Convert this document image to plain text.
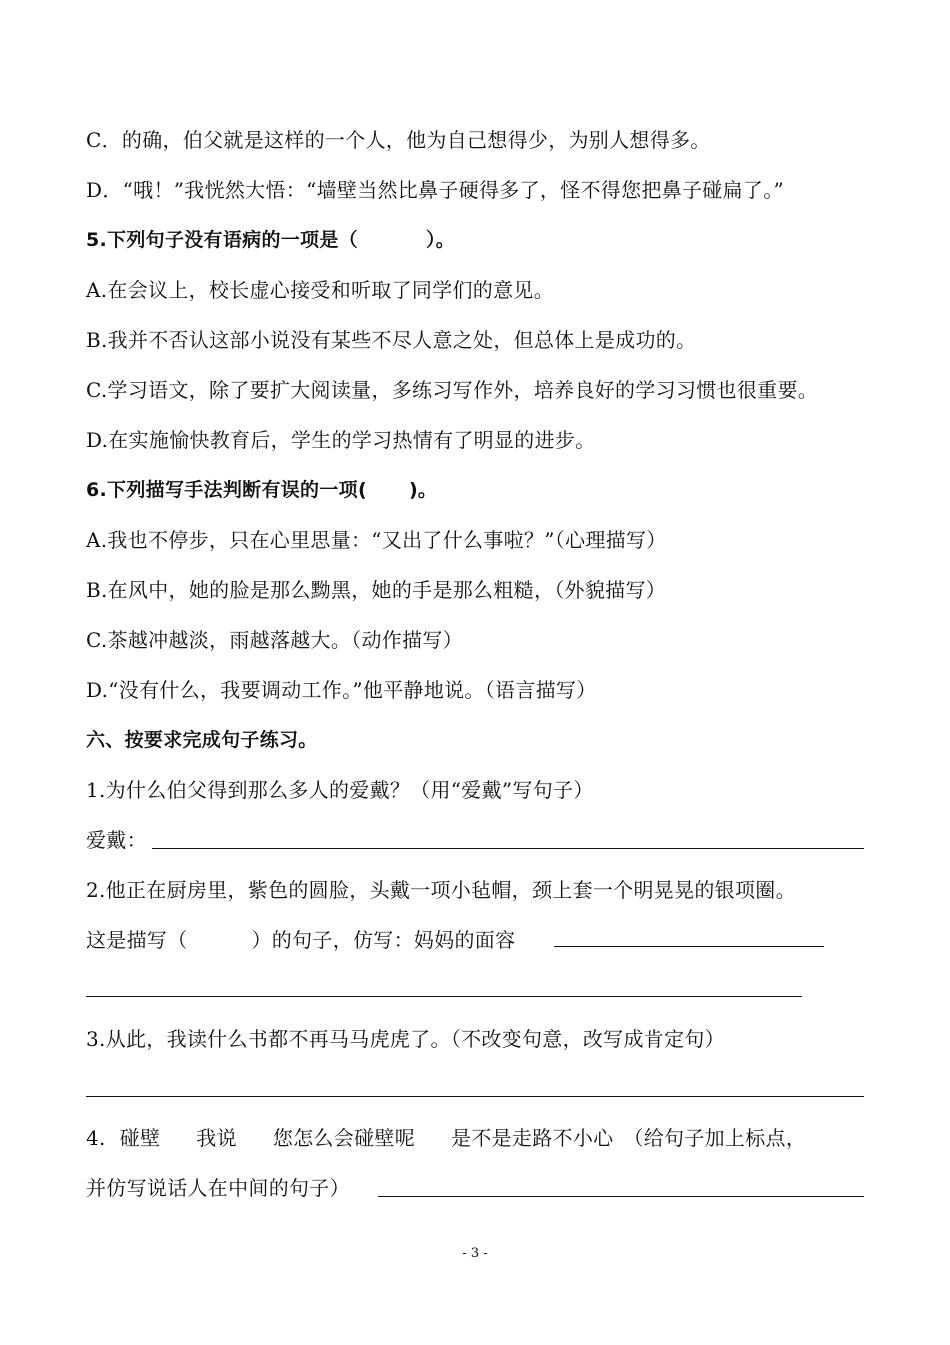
C．的确，伯父就是这样的一个人，他为自己想得少，为别人想得多。
D．“哦！”我恍然大悟：“墙壁当然比鼻子硬得多了，怪不得您把鼻子碰扁了。”
5.下列句子没有语病的一项是（	）。
A.在会议上，校长虚心接受和听取了同学们的意见。
B.我并不否认这部小说没有某些不尽人意之处，但总体上是成功的。
C.学习语文，除了要扩大阅读量，多练习写作外，培养良好的学习习惯也很重要。
D.在实施愉快教育后，学生的学习热情有了明显的进步。
6.下列描写手法判断有误的一项( )。
A.我也不停步，只在心里思量：“又出了什么事啦？”（心理描写）
B.在风中，她的脸是那么黝黑，她的手是那么粗糙，（外貌描写）
C.茶越冲越淡，雨越落越大。（动作描写）
D.“没有什么，我要调动工作。”他平静地说。（语言描写）
六、按要求完成句子练习。
1.为什么伯父得到那么多人的爱戴？（用“爱戴”写句子）
爱戴：
2.他正在厨房里，紫色的圆脸，头戴一项小毡帽，颈上套一个明晃晃的银项圈。
这是描写（	）的句子，仿写：妈妈的面容
3.从此，我读什么书都不再马马虎虎了。（不改变句意，改写成肯定句）
4. 碰壁 我说 您怎么会碰壁呢 是不是走路不小心 （给句子加上标点，
并仿写说话人在中间的句子）
- 3 -
